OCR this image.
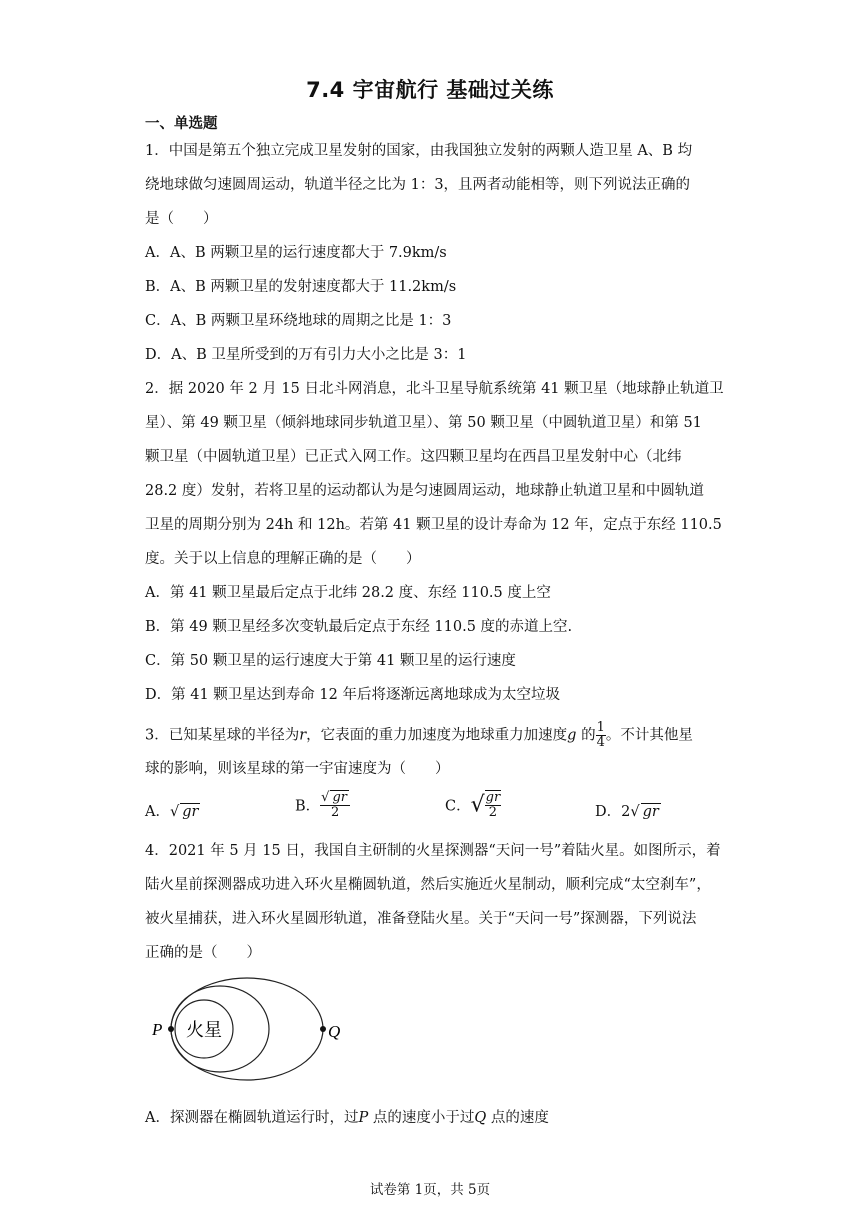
7.4 宇宙航行 基础过关练
一、单选题
1．中国是第五个独立完成卫星发射的国家，由我国独立发射的两颗人造卫星 A、B 均
绕地球做匀速圆周运动，轨道半径之比为 1：3，且两者动能相等，则下列说法正确的
是（　　）
A．A、B 两颗卫星的运行速度都大于 7.9km/s
B．A、B 两颗卫星的发射速度都大于 11.2km/s
C．A、B 两颗卫星环绕地球的周期之比是 1：3
D．A、B 卫星所受到的万有引力大小之比是 3：1
2．据 2020 年 2 月 15 日北斗网消息，北斗卫星导航系统第 41 颗卫星（地球静止轨道卫
星）、第 49 颗卫星（倾斜地球同步轨道卫星）、第 50 颗卫星（中圆轨道卫星）和第 51
颗卫星（中圆轨道卫星）已正式入网工作。这四颗卫星均在西昌卫星发射中心（北纬
28.2 度）发射，若将卫星的运动都认为是匀速圆周运动，地球静止轨道卫星和中圆轨道
卫星的周期分别为 24h 和 12h。若第 41 颗卫星的设计寿命为 12 年，定点于东经 110.5
度。关于以上信息的理解正确的是（　　）
A．第 41 颗卫星最后定点于北纬 28.2 度、东经 110.5 度上空
B．第 49 颗卫星经多次变轨最后定点于东经 110.5 度的赤道上空.
C．第 50 颗卫星的运行速度大于第 41 颗卫星的运行速度
D．第 41 颗卫星达到寿命 12 年后将逐渐远离地球成为太空垃圾
3．已知某星球的半径为r，它表面的重力加速度为地球重力加速度g 的 $\frac{1}{4}$ 。不计其他星
球的影响，则该星球的第一宇宙速度为（　　）
A．√ gr	B． $\frac{√ gr}{2}$	C．√ $\frac{gr}{2}$	D．2√ gr
4．2021 年 5 月 15 日，我国自主研制的火星探测器“天问一号”着陆火星。如图所示，着
陆火星前探测器成功进入环火星椭圆轨道，然后实施近火星制动，顺利完成“太空刹车”，
被火星捕获，进入环火星圆形轨道，准备登陆火星。关于“天问一号”探测器，下列说法
正确的是（　　）
P	Q
火星
A．探测器在椭圆轨道运行时，过P 点的速度小于过Q 点的速度
试卷第 1页，共 5页
